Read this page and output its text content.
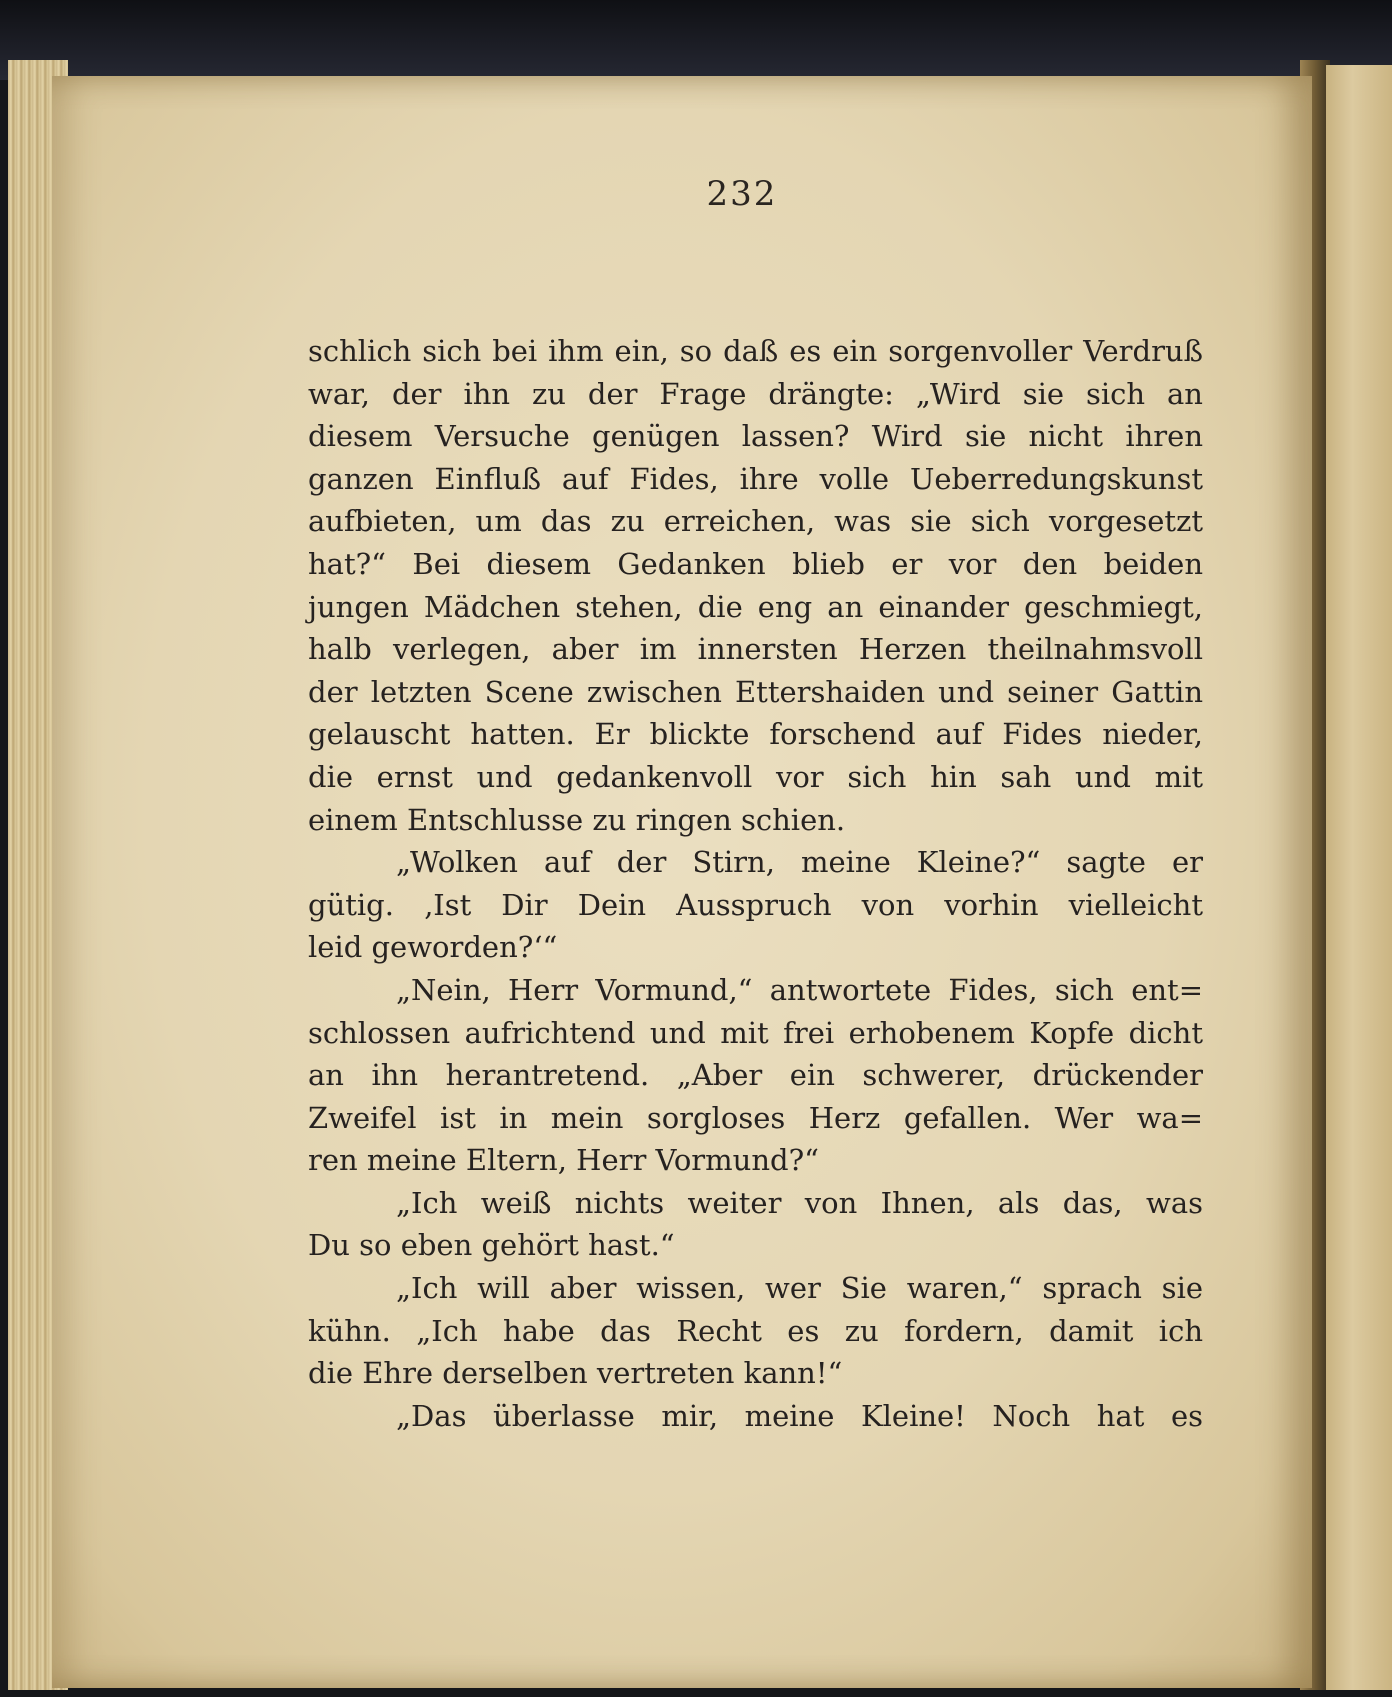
232
schlich sich bei ihm ein, so daß es ein sorgenvoller Verdruß
war, der ihn zu der Frage drängte: „Wird sie sich an
diesem Versuche genügen lassen? Wird sie nicht ihren
ganzen Einfluß auf Fides, ihre volle Ueberredungskunst
aufbieten, um das zu erreichen, was sie sich vorgesetzt
hat?“ Bei diesem Gedanken blieb er vor den beiden
jungen Mädchen stehen, die eng an einander geschmiegt,
halb verlegen, aber im innersten Herzen theilnahmsvoll
der letzten Scene zwischen Ettershaiden und seiner Gattin
gelauscht hatten. Er blickte forschend auf Fides nieder,
die ernst und gedankenvoll vor sich hin sah und mit
einem Entschlusse zu ringen schien.
„Wolken auf der Stirn, meine Kleine?“ sagte er
gütig. ‚Ist Dir Dein Ausspruch von vorhin vielleicht
leid geworden?‘“
„Nein, Herr Vormund,“ antwortete Fides, sich ent=
schlossen aufrichtend und mit frei erhobenem Kopfe dicht
an ihn herantretend. „Aber ein schwerer, drückender
Zweifel ist in mein sorgloses Herz gefallen. Wer wa=
ren meine Eltern, Herr Vormund?“
„Ich weiß nichts weiter von Ihnen, als das, was
Du so eben gehört hast.“
„Ich will aber wissen, wer Sie waren,“ sprach sie
kühn. „Ich habe das Recht es zu fordern, damit ich
die Ehre derselben vertreten kann!“
„Das überlasse mir, meine Kleine! Noch hat es
